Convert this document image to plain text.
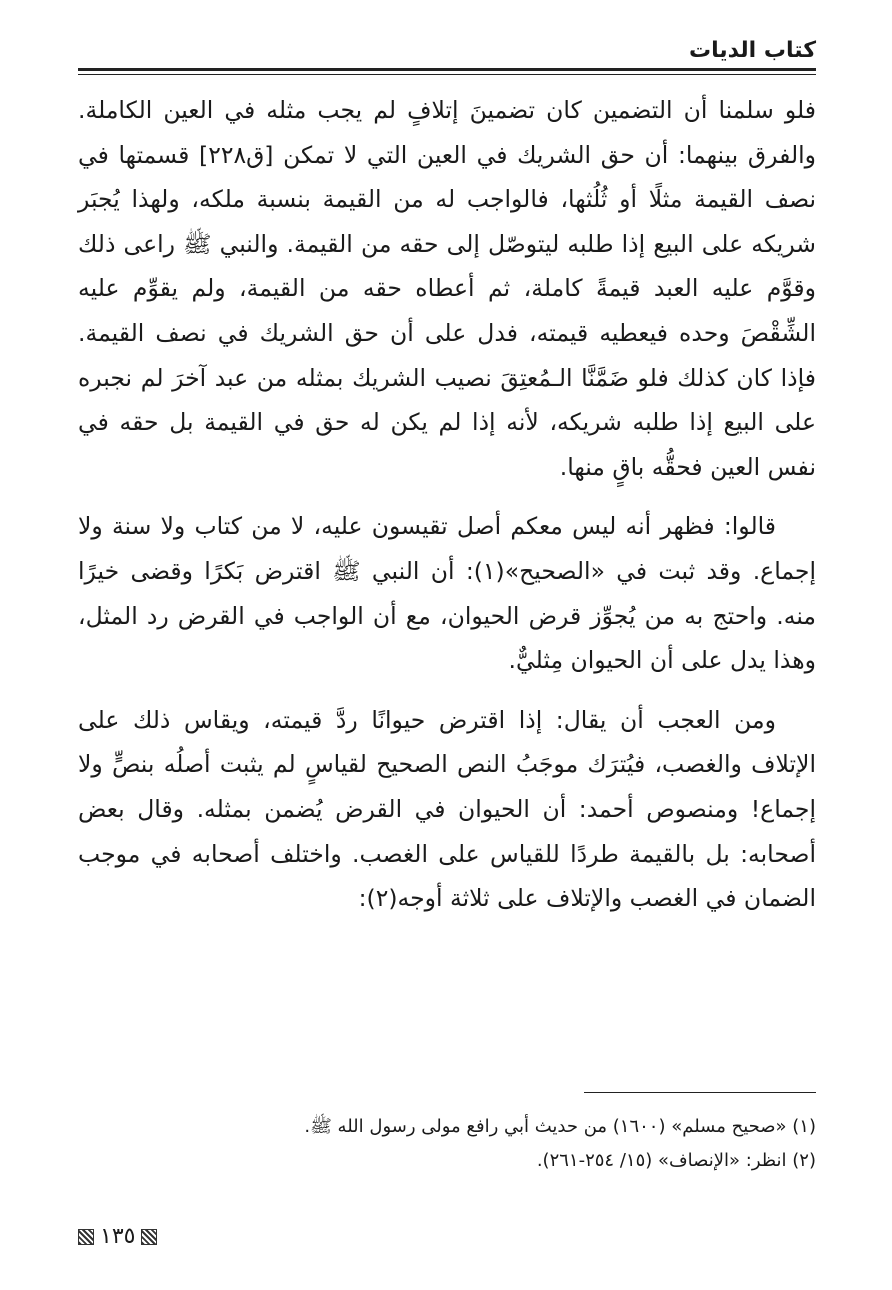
كتاب الديات

فلو سلمنا أن التضمين كان تضمينَ إتلافٍ لم يجب مثله في العين الكاملة. والفرق بينهما: أن حق الشريك في العين التي لا تمكن [ق٢٢٨] قسمتها في نصف القيمة مثلًا أو ثُلُثها، فالواجب له من القيمة بنسبة ملكه، ولهذا يُجبَر شريكه على البيع إذا طلبه ليتوصّل إلى حقه من القيمة. والنبي ﷺ راعى ذلك وقوَّم عليه العبد قيمةً كاملة، ثم أعطاه حقه من القيمة، ولم يقوِّم عليه الشِّقْصَ وحده فيعطيه قيمته، فدل على أن حق الشريك في نصف القيمة. فإذا كان كذلك فلو ضَمَّنَّا الـمُعتِقَ نصيب الشريك بمثله من عبد آخرَ لم نجبره على البيع إذا طلبه شريكه، لأنه إذا لم يكن له حق في القيمة بل حقه في نفس العين فحقُّه باقٍ منها.

قالوا: فظهر أنه ليس معكم أصل تقيسون عليه، لا من كتاب ولا سنة ولا إجماع. وقد ثبت في «الصحيح»(١): أن النبي ﷺ اقترض بَكرًا وقضى خيرًا منه. واحتج به من يُجوِّز قرض الحيوان، مع أن الواجب في القرض رد المثل، وهذا يدل على أن الحيوان مِثليٌّ.

ومن العجب أن يقال: إذا اقترض حيوانًا ردَّ قيمته، ويقاس ذلك على الإتلاف والغصب، فيُترَك موجَبُ النص الصحيح لقياسٍ لم يثبت أصلُه بنصٍّ ولا إجماع! ومنصوص أحمد: أن الحيوان في القرض يُضمن بمثله. وقال بعض أصحابه: بل بالقيمة طردًا للقياس على الغصب. واختلف أصحابه في موجب الضمان في الغصب والإتلاف على ثلاثة أوجه(٢):

(١) «صحيح مسلم» (١٦٠٠) من حديث أبي رافع مولى رسول الله ﷺ.
(٢) انظر: «الإنصاف» (١٥/ ٢٥٤-٢٦١).
١٣٥
